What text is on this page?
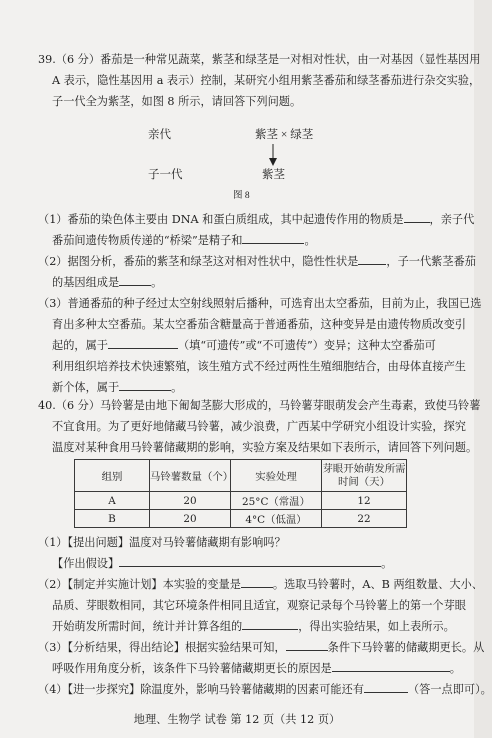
39.（6 分）番茄是一种常见蔬菜，紫茎和绿茎是一对相对性状，由一对基因（显性基因用
A 表示，隐性基因用 a 表示）控制，某研究小组用紫茎番茄和绿茎番茄进行杂交实验，
子一代全为紫茎，如图 8 所示，请回答下列问题。
亲代	紫茎 × 绿茎
子一代	紫茎
图 8
（1）番茄的染色体主要由 DNA 和蛋白质组成，其中起遗传作用的物质是 ，亲子代
番茄间遗传物质传递的“桥梁”是精子和	。
（2）据图分析，番茄的紫茎和绿茎这对相对性状中，隐性性状是	，子一代紫茎番茄
的基因组成是	。
（3）普通番茄的种子经过太空射线照射后播种，可选育出太空番茄，目前为止，我国已选
育出多种太空番茄。某太空番茄含糖量高于普通番茄，这种变异是由遗传物质改变引
起的，属于	（填“可遗传”或“不可遗传”）变异；这种太空番茄可
利用组织培养技术快速繁殖，该生殖方式不经过两性生殖细胞结合，由母体直接产生
新个体，属于	。
40.（6 分）马铃薯是由地下匍匐茎膨大形成的，马铃薯芽眼萌发会产生毒素，致使马铃薯
不宜食用。为了更好地储藏马铃薯，减少浪费，广西某中学研究小组设计实验，探究
组别	马铃薯数量（个）	实验处理	芽眼开始萌发所需
时间（天）

A	20	25°C（常温）	12
B	20	4°C（低温）	22
温度对某种食用马铃薯储藏期的影响，实验方案及结果如下表所示，请回答下列问题。
（1）【提出问题】温度对马铃薯储藏期有影响吗？
【作出假设】	。
（2）【制定并实施计划】本实验的变量是	。选取马铃薯时，A、B 两组数量、大小、
品质、芽眼数相同，其它环境条件相同且适宜，观察记录每个马铃薯上的第一个芽眼
开始萌发所需时间，统计并计算各组的	，得出实验结果，如上表所示。
（3）【分析结果，得出结论】根据实验结果可知，	条件下马铃薯的储藏期更长。从
呼吸作用角度分析，该条件下马铃薯储藏期更长的原因是	。
（4）【进一步探究】除温度外，影响马铃薯储藏期的因素可能还有	（答一点即可）。
地理、生物学 试卷 第 12 页（共 12 页）
